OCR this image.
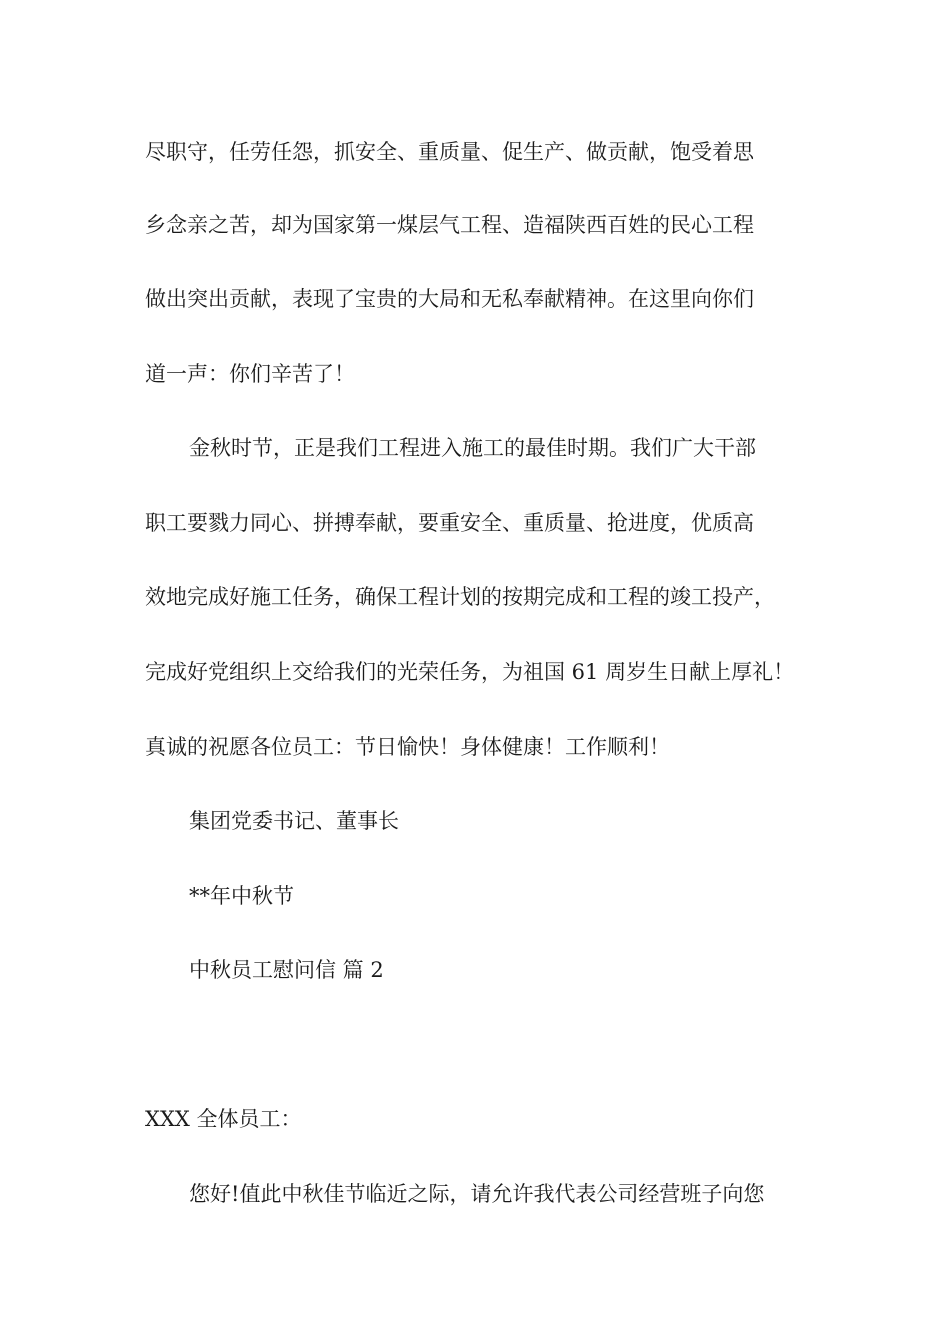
尽职守，任劳任怨，抓安全、重质量、促生产、做贡献，饱受着思
乡念亲之苦，却为国家第一煤层气工程、造福陕西百姓的民心工程
做出突出贡献，表现了宝贵的大局和无私奉献精神。在这里向你们
道一声：你们辛苦了！
金秋时节，正是我们工程进入施工的最佳时期。我们广大干部
职工要戮力同心、拼搏奉献，要重安全、重质量、抢进度，优质高
效地完成好施工任务，确保工程计划的按期完成和工程的竣工投产，
完成好党组织上交给我们的光荣任务，为祖国 61 周岁生日献上厚礼！
真诚的祝愿各位员工：节日愉快！身体健康！工作顺利！
集团党委书记、董事长
**年中秋节
中秋员工慰问信 篇 2
XXX 全体员工：
您好!值此中秋佳节临近之际，请允许我代表公司经营班子向您
